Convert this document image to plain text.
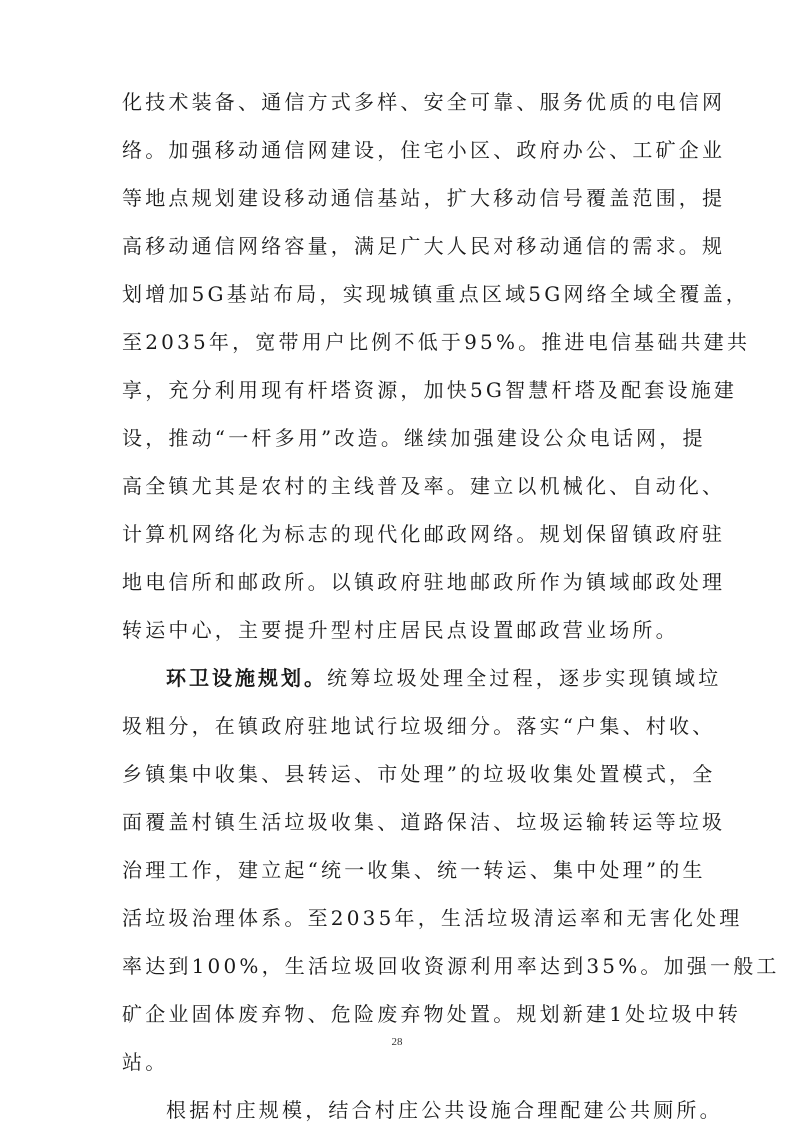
化技术装备、通信方式多样、安全可靠、服务优质的电信网
络。加强移动通信网建设，住宅小区、政府办公、工矿企业
等地点规划建设移动通信基站，扩大移动信号覆盖范围，提
高移动通信网络容量，满足广大人民对移动通信的需求。规
划增加5G基站布局，实现城镇重点区域5G网络全域全覆盖，
至2035年，宽带用户比例不低于95%。推进电信基础共建共
享，充分利用现有杆塔资源，加快5G智慧杆塔及配套设施建
设，推动“一杆多用”改造。继续加强建设公众电话网，提
高全镇尤其是农村的主线普及率。建立以机械化、自动化、
计算机网络化为标志的现代化邮政网络。规划保留镇政府驻
地电信所和邮政所。以镇政府驻地邮政所作为镇域邮政处理
转运中心，主要提升型村庄居民点设置邮政营业场所。

环卫设施规划。统筹垃圾处理全过程，逐步实现镇域垃
圾粗分，在镇政府驻地试行垃圾细分。落实“户集、村收、
乡镇集中收集、县转运、市处理”的垃圾收集处置模式，全
面覆盖村镇生活垃圾收集、道路保洁、垃圾运输转运等垃圾
治理工作，建立起“统一收集、统一转运、集中处理”的生
活垃圾治理体系。至2035年，生活垃圾清运率和无害化处理
率达到100%，生活垃圾回收资源利用率达到35%。加强一般工
矿企业固体废弃物、危险废弃物处置。规划新建1处垃圾中转
站。

根据村庄规模，结合村庄公共设施合理配建公共厕所。

28
